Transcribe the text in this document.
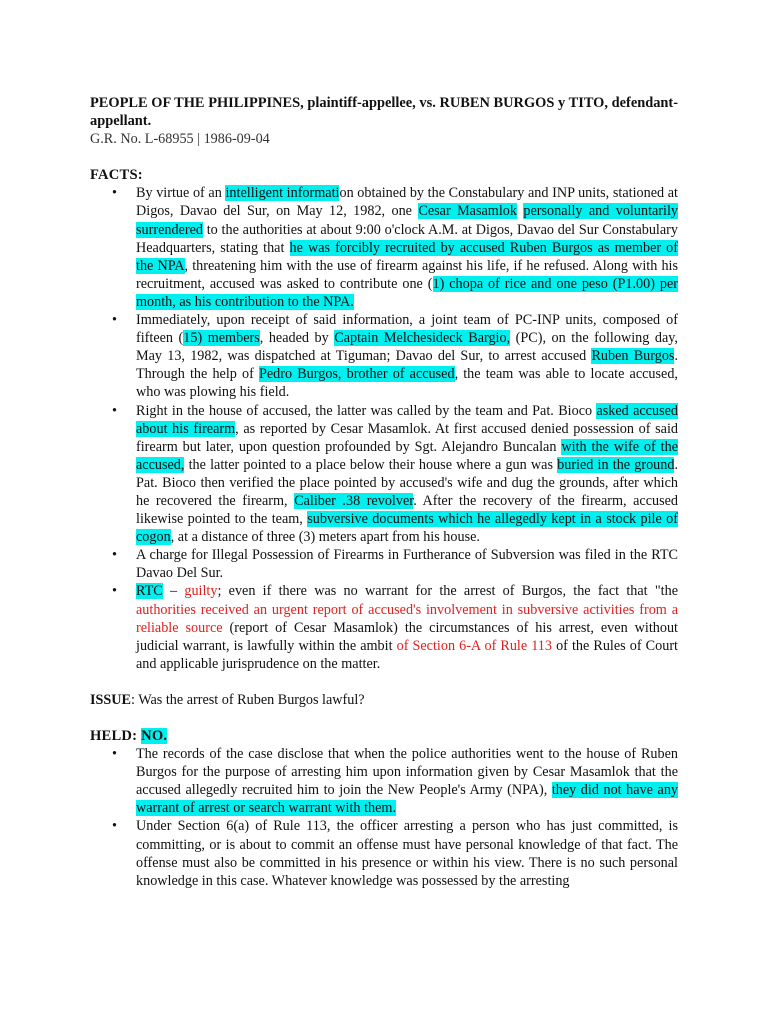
PEOPLE OF THE PHILIPPINES, plaintiff-appellee, vs. RUBEN BURGOS y TITO, defendant-appellant.

G.R. No. L-68955 | 1986-09-04

FACTS:

• By virtue of an intelligent information obtained by the Constabulary and INP units, stationed at Digos, Davao del Sur, on May 12, 1982, one Cesar Masamlok personally and voluntarily surrendered to the authorities at about 9:00 o'clock A.M. at Digos, Davao del Sur Constabulary Headquarters, stating that he was forcibly recruited by accused Ruben Burgos as member of the NPA, threatening him with the use of firearm against his life, if he refused. Along with his recruitment, accused was asked to contribute one (1) chopa of rice and one peso (P1.00) per month, as his contribution to the NPA.
• Immediately, upon receipt of said information, a joint team of PC-INP units, composed of fifteen (15) members, headed by Captain Melchesideck Bargio, (PC), on the following day, May 13, 1982, was dispatched at Tiguman; Davao del Sur, to arrest accused Ruben Burgos. Through the help of Pedro Burgos, brother of accused, the team was able to locate accused, who was plowing his field.
• Right in the house of accused, the latter was called by the team and Pat. Bioco asked accused about his firearm, as reported by Cesar Masamlok. At first accused denied possession of said firearm but later, upon question profounded by Sgt. Alejandro Buncalan with the wife of the accused, the latter pointed to a place below their house where a gun was buried in the ground. Pat. Bioco then verified the place pointed by accused's wife and dug the grounds, after which he recovered the firearm, Caliber .38 revolver. After the recovery of the firearm, accused likewise pointed to the team, subversive documents which he allegedly kept in a stock pile of cogon, at a distance of three (3) meters apart from his house.
• A charge for Illegal Possession of Firearms in Furtherance of Subversion was filed in the RTC Davao Del Sur.
• RTC – guilty; even if there was no warrant for the arrest of Burgos, the fact that "the authorities received an urgent report of accused's involvement in subversive activities from a reliable source (report of Cesar Masamlok) the circumstances of his arrest, even without judicial warrant, is lawfully within the ambit of Section 6-A of Rule 113 of the Rules of Court and applicable jurisprudence on the matter.

ISSUE: Was the arrest of Ruben Burgos lawful?

HELD: NO.

• The records of the case disclose that when the police authorities went to the house of Ruben Burgos for the purpose of arresting him upon information given by Cesar Masamlok that the accused allegedly recruited him to join the New People's Army (NPA), they did not have any warrant of arrest or search warrant with them.
• Under Section 6(a) of Rule 113, the officer arresting a person who has just committed, is committing, or is about to commit an offense must have personal knowledge of that fact. The offense must also be committed in his presence or within his view. There is no such personal knowledge in this case. Whatever knowledge was possessed by the arresting
